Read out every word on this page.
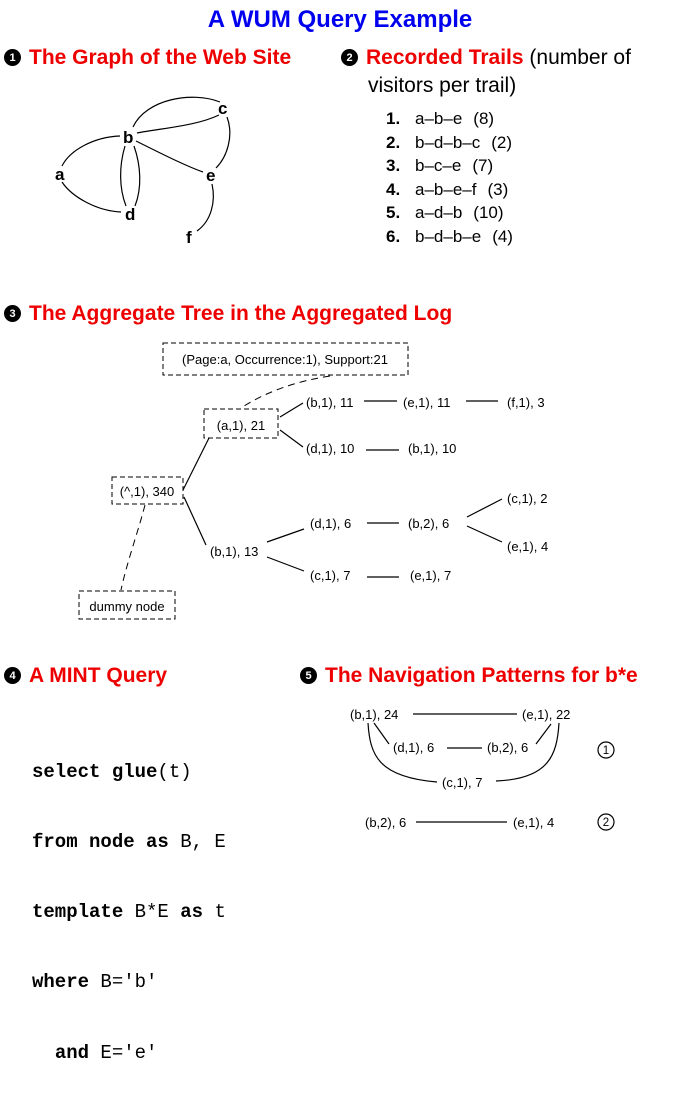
A WUM Query Example
1 The Graph of the Web Site	2 Recorded Trails (number of
visitors per trail)
a
b
c
d
e
f
1. a–b–e (8)
2. b–d–b–c (2)
3. b–c–e (7)
4. a–b–e–f (3)
5. a–d–b (10)
6. b–d–b–e (4)
3 The Aggregate Tree in the Aggregated Log
(Page:a, Occurrence:1), Support:21
(a,1), 21
(^,1), 340
dummy node
(b,1), 11	(e,1), 11	(f,1), 3
(d,1), 10	(b,1), 10
(b,1), 13
(d,1), 6	(b,2), 6
(c,1), 2
(e,1), 4
(c,1), 7	(e,1), 7
4 A MINT Query

select glue(t)

from node as B, E

template B*E as t

where B='b'

and E='e'

5 The Navigation Patterns for b*e
(b,1), 24	(e,1), 22
(d,1), 6	(b,2), 6
(c,1), 7
(b,2), 6	(e,1), 4
1
2
